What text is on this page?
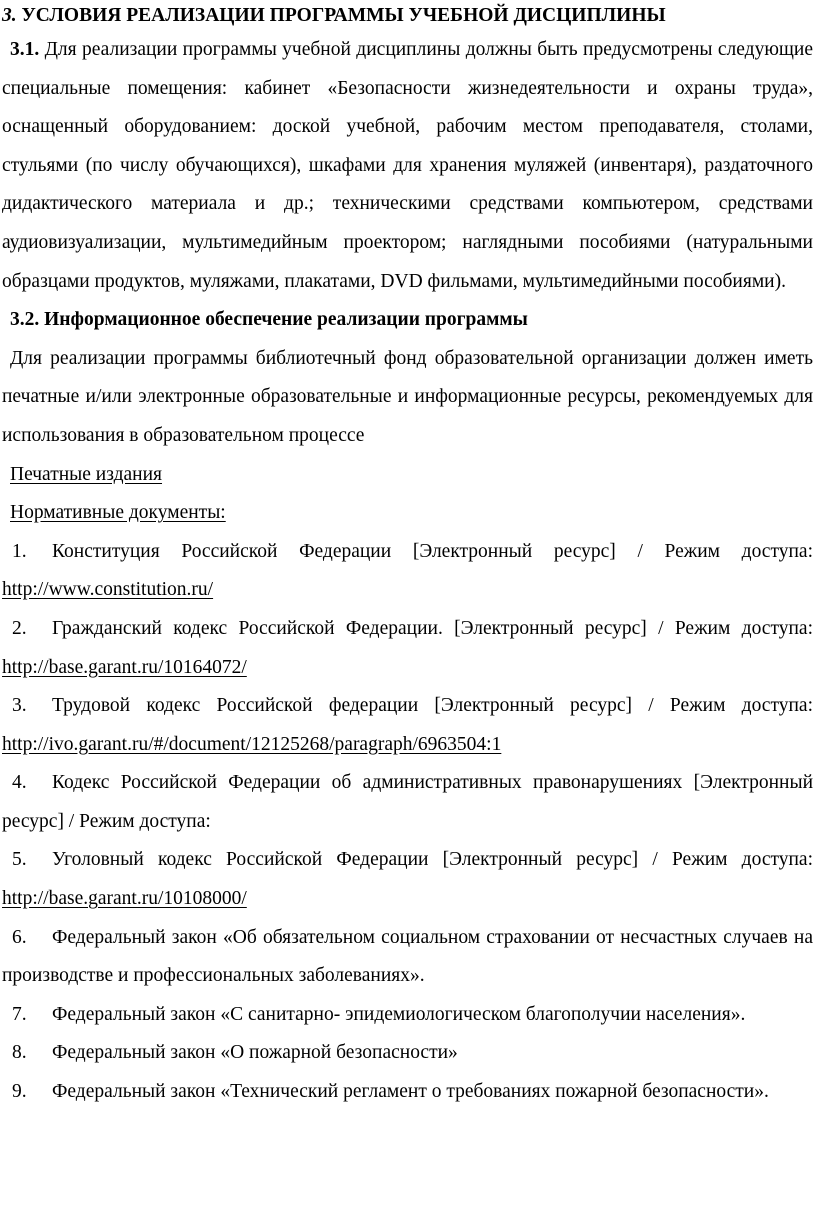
3. УСЛОВИЯ РЕАЛИЗАЦИИ ПРОГРАММЫ УЧЕБНОЙ ДИСЦИПЛИНЫ

3.1. Для реализации программы учебной дисциплины должны быть предусмотрены следующие специальные помещения: кабинет «Безопасности жизнедеятельности и охраны труда», оснащенный оборудованием: доской учебной, рабочим местом преподавателя, столами, стульями (по числу обучающихся), шкафами для хранения муляжей (инвентаря), раздаточного дидактического материала и др.; техническими средствами компьютером, средствами аудиовизуализации, мультимедийным проектором; наглядными пособиями (натуральными образцами продуктов, муляжами, плакатами, DVD фильмами, мультимедийными пособиями).

3.2. Информационное обеспечение реализации программы

Для реализации программы библиотечный фонд образовательной организации должен иметь печатные и/или электронные образовательные и информационные ресурсы, рекомендуемых для использования в образовательном процессе

Печатные издания

Нормативные документы:

1. Конституция Российской Федерации [Электронный ресурс] / Режим доступа: http://www.constitution.ru/

2. Гражданский кодекс Российской Федерации. [Электронный ресурс] / Режим доступа: http://base.garant.ru/10164072/

3. Трудовой кодекс Российской федерации [Электронный ресурс] / Режим доступа: http://ivo.garant.ru/#/document/12125268/paragraph/6963504:1

4. Кодекс Российской Федерации об административных правонарушениях [Электронный ресурс] / Режим доступа:

5. Уголовный кодекс Российской Федерации [Электронный ресурс] / Режим доступа: http://base.garant.ru/10108000/

6. Федеральный закон «Об обязательном социальном страховании от несчастных случаев на производстве и профессиональных заболеваниях».

7. Федеральный закон «С санитарно- эпидемиологическом благополучии населения».

8. Федеральный закон «О пожарной безопасности»

9. Федеральный закон «Технический регламент о требованиях пожарной безопасности».
